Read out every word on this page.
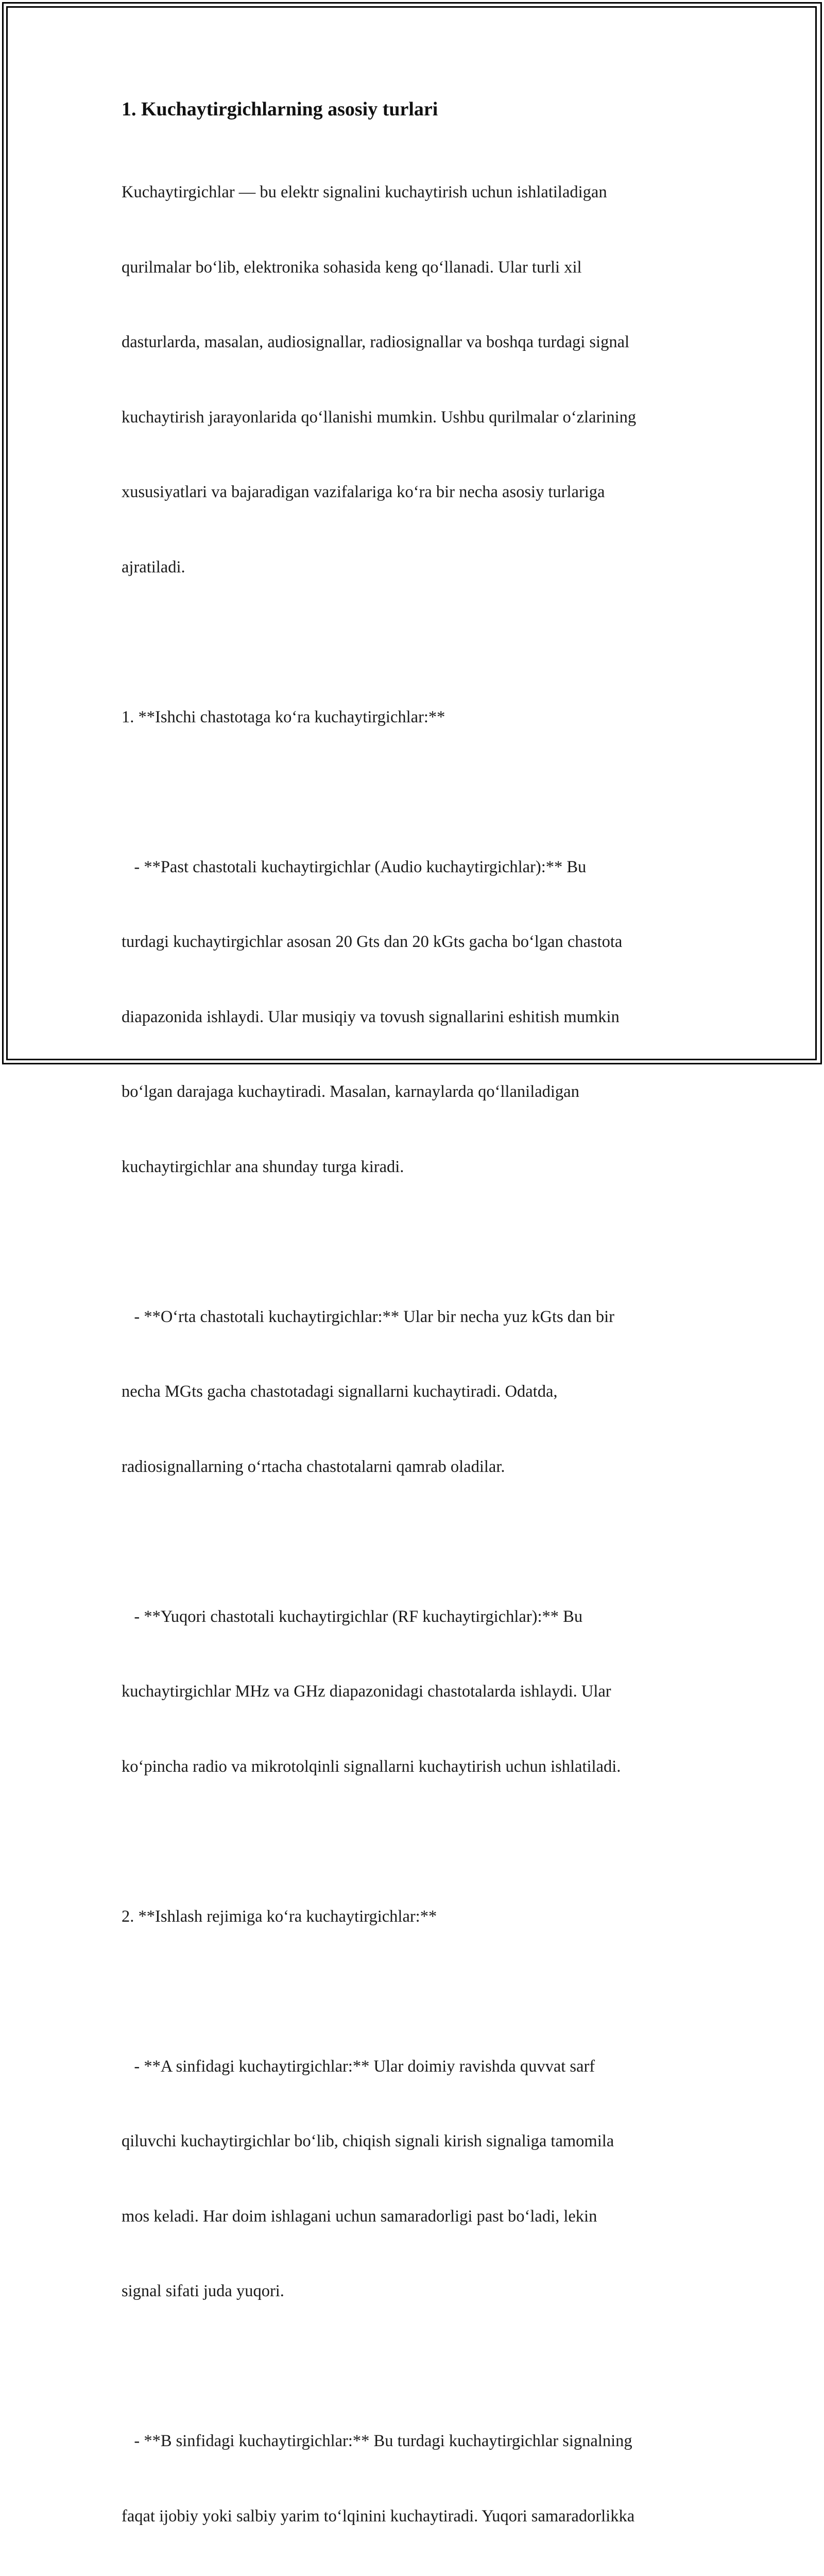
1. Kuchaytirgichlarning asosiy turlari

Kuchaytirgichlar — bu elektr signalini kuchaytirish uchun ishlatiladigan

qurilmalar bo‘lib, elektronika sohasida keng qo‘llanadi. Ular turli xil

dasturlarda, masalan, audiosignallar, radiosignallar va boshqa turdagi signal

kuchaytirish jarayonlarida qo‘llanishi mumkin. Ushbu qurilmalar o‘zlarining

xususiyatlari va bajaradigan vazifalariga ko‘ra bir necha asosiy turlariga

ajratiladi.

1. **Ishchi chastotaga ko‘ra kuchaytirgichlar:**

- **Past chastotali kuchaytirgichlar (Audio kuchaytirgichlar):** Bu

turdagi kuchaytirgichlar asosan 20 Gts dan 20 kGts gacha bo‘lgan chastota

diapazonida ishlaydi. Ular musiqiy va tovush signallarini eshitish mumkin

bo‘lgan darajaga kuchaytiradi. Masalan, karnaylarda qo‘llaniladigan

kuchaytirgichlar ana shunday turga kiradi.

- **O‘rta chastotali kuchaytirgichlar:** Ular bir necha yuz kGts dan bir

necha MGts gacha chastotadagi signallarni kuchaytiradi. Odatda,

radiosignallarning o‘rtacha chastotalarni qamrab oladilar.

- **Yuqori chastotali kuchaytirgichlar (RF kuchaytirgichlar):** Bu

kuchaytirgichlar MHz va GHz diapazonidagi chastotalarda ishlaydi. Ular

ko‘pincha radio va mikrotolqinli signallarni kuchaytirish uchun ishlatiladi.

2. **Ishlash rejimiga ko‘ra kuchaytirgichlar:**

- **A sinfidagi kuchaytirgichlar:** Ular doimiy ravishda quvvat sarf

qiluvchi kuchaytirgichlar bo‘lib, chiqish signali kirish signaliga tamomila

mos keladi. Har doim ishlagani uchun samaradorligi past bo‘ladi, lekin

signal sifati juda yuqori.

- **B sinfidagi kuchaytirgichlar:** Bu turdagi kuchaytirgichlar signalning

faqat ijobiy yoki salbiy yarim to‘lqinini kuchaytiradi. Yuqori samaradorlikka
